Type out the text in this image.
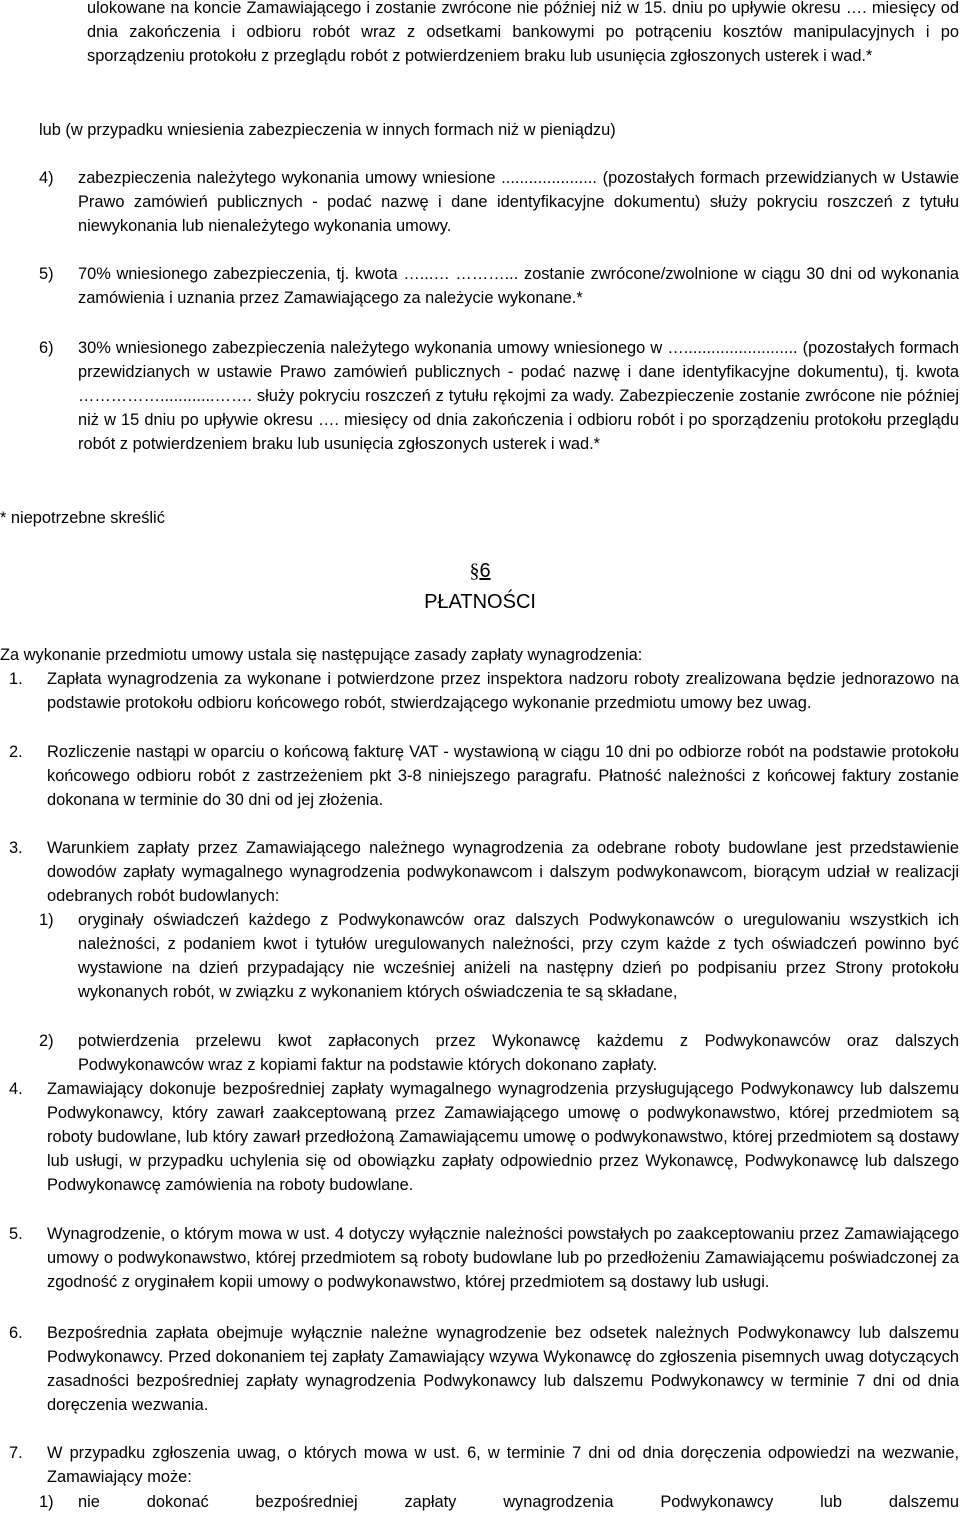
ulokowane na koncie Zamawiającego i zostanie zwrócone nie później niż w 15. dniu po upływie okresu …. miesięcy od dnia zakończenia i odbioru robót wraz z odsetkami bankowymi po potrąceniu kosztów manipulacyjnych i po sporządzeniu protokołu z przeglądu robót z potwierdzeniem braku lub usunięcia zgłoszonych usterek i wad.*
lub (w przypadku wniesienia zabezpieczenia w innych formach niż w pieniądzu)
4) zabezpieczenia należytego wykonania umowy wniesione ..................... (pozostałych formach przewidzianych w Ustawie Prawo zamówień publicznych - podać nazwę i dane identyfikacyjne dokumentu) służy pokryciu roszczeń z tytułu niewykonania lub nienależytego wykonania umowy.
5) 70% wniesionego zabezpieczenia, tj. kwota …...… ………... zostanie zwrócone/zwolnione w ciągu 30 dni od wykonania zamówienia i uznania przez Zamawiającego za należycie wykonane.*
6) 30% wniesionego zabezpieczenia należytego wykonania umowy wniesionego w …......................... (pozostałych formach przewidzianych w ustawie Prawo zamówień publicznych - podać nazwę i dane identyfikacyjne dokumentu), tj. kwota ……………............……. służy pokryciu roszczeń z tytułu rękojmi za wady. Zabezpieczenie zostanie zwrócone nie później niż w 15 dniu po upływie okresu …. miesięcy od dnia zakończenia i odbioru robót i po sporządzeniu protokołu przeglądu robót z potwierdzeniem braku lub usunięcia zgłoszonych usterek i wad.*
* niepotrzebne skreślić
§6
PŁATNOŚCI
Za wykonanie przedmiotu umowy ustala się następujące zasady zapłaty wynagrodzenia:
1. Zapłata wynagrodzenia za wykonane i potwierdzone przez inspektora nadzoru roboty zrealizowana będzie jednorazowo na podstawie protokołu odbioru końcowego robót, stwierdzającego wykonanie przedmiotu umowy bez uwag.
2. Rozliczenie nastąpi w oparciu o końcową fakturę VAT - wystawioną w ciągu 10 dni po odbiorze robót na podstawie protokołu końcowego odbioru robót z zastrzeżeniem pkt 3-8 niniejszego paragrafu. Płatność należności z końcowej faktury zostanie dokonana w terminie do 30 dni od jej złożenia.
3. Warunkiem zapłaty przez Zamawiającego należnego wynagrodzenia za odebrane roboty budowlane jest przedstawienie dowodów zapłaty wymagalnego wynagrodzenia podwykonawcom i dalszym podwykonawcom, biorącym udział w realizacji odebranych robót budowlanych:
1) oryginały oświadczeń każdego z Podwykonawców oraz dalszych Podwykonawców o uregulowaniu wszystkich ich należności, z podaniem kwot i tytułów uregulowanych należności, przy czym każde z tych oświadczeń powinno być wystawione na dzień przypadający nie wcześniej aniżeli na następny dzień po podpisaniu przez Strony protokołu wykonanych robót, w związku z wykonaniem których oświadczenia te są składane,
2) potwierdzenia przelewu kwot zapłaconych przez Wykonawcę każdemu z Podwykonawców oraz dalszych Podwykonawców wraz z kopiami faktur na podstawie których dokonano zapłaty.
4. Zamawiający dokonuje bezpośredniej zapłaty wymagalnego wynagrodzenia przysługującego Podwykonawcy lub dalszemu Podwykonawcy, który zawarł zaakceptowaną przez Zamawiającego umowę o podwykonawstwo, której przedmiotem są roboty budowlane, lub który zawarł przedłożoną Zamawiającemu umowę o podwykonawstwo, której przedmiotem są dostawy lub usługi, w przypadku uchylenia się od obowiązku zapłaty odpowiednio przez Wykonawcę, Podwykonawcę lub dalszego Podwykonawcę zamówienia na roboty budowlane.
5. Wynagrodzenie, o którym mowa w ust. 4 dotyczy wyłącznie należności powstałych po zaakceptowaniu przez Zamawiającego umowy o podwykonawstwo, której przedmiotem są roboty budowlane lub po przedłożeniu Zamawiającemu poświadczonej za zgodność z oryginałem kopii umowy o podwykonawstwo, której przedmiotem są dostawy lub usługi.
6. Bezpośrednia zapłata obejmuje wyłącznie należne wynagrodzenie bez odsetek należnych Podwykonawcy lub dalszemu Podwykonawcy. Przed dokonaniem tej zapłaty Zamawiający wzywa Wykonawcę do zgłoszenia pisemnych uwag dotyczących zasadności bezpośredniej zapłaty wynagrodzenia Podwykonawcy lub dalszemu Podwykonawcy w terminie 7 dni od dnia doręczenia wezwania.
7. W przypadku zgłoszenia uwag, o których mowa w ust. 6, w terminie 7 dni od dnia doręczenia odpowiedzi na wezwanie, Zamawiający może:
1) nie dokonać bezpośredniej zapłaty wynagrodzenia Podwykonawcy lub dalszemu
